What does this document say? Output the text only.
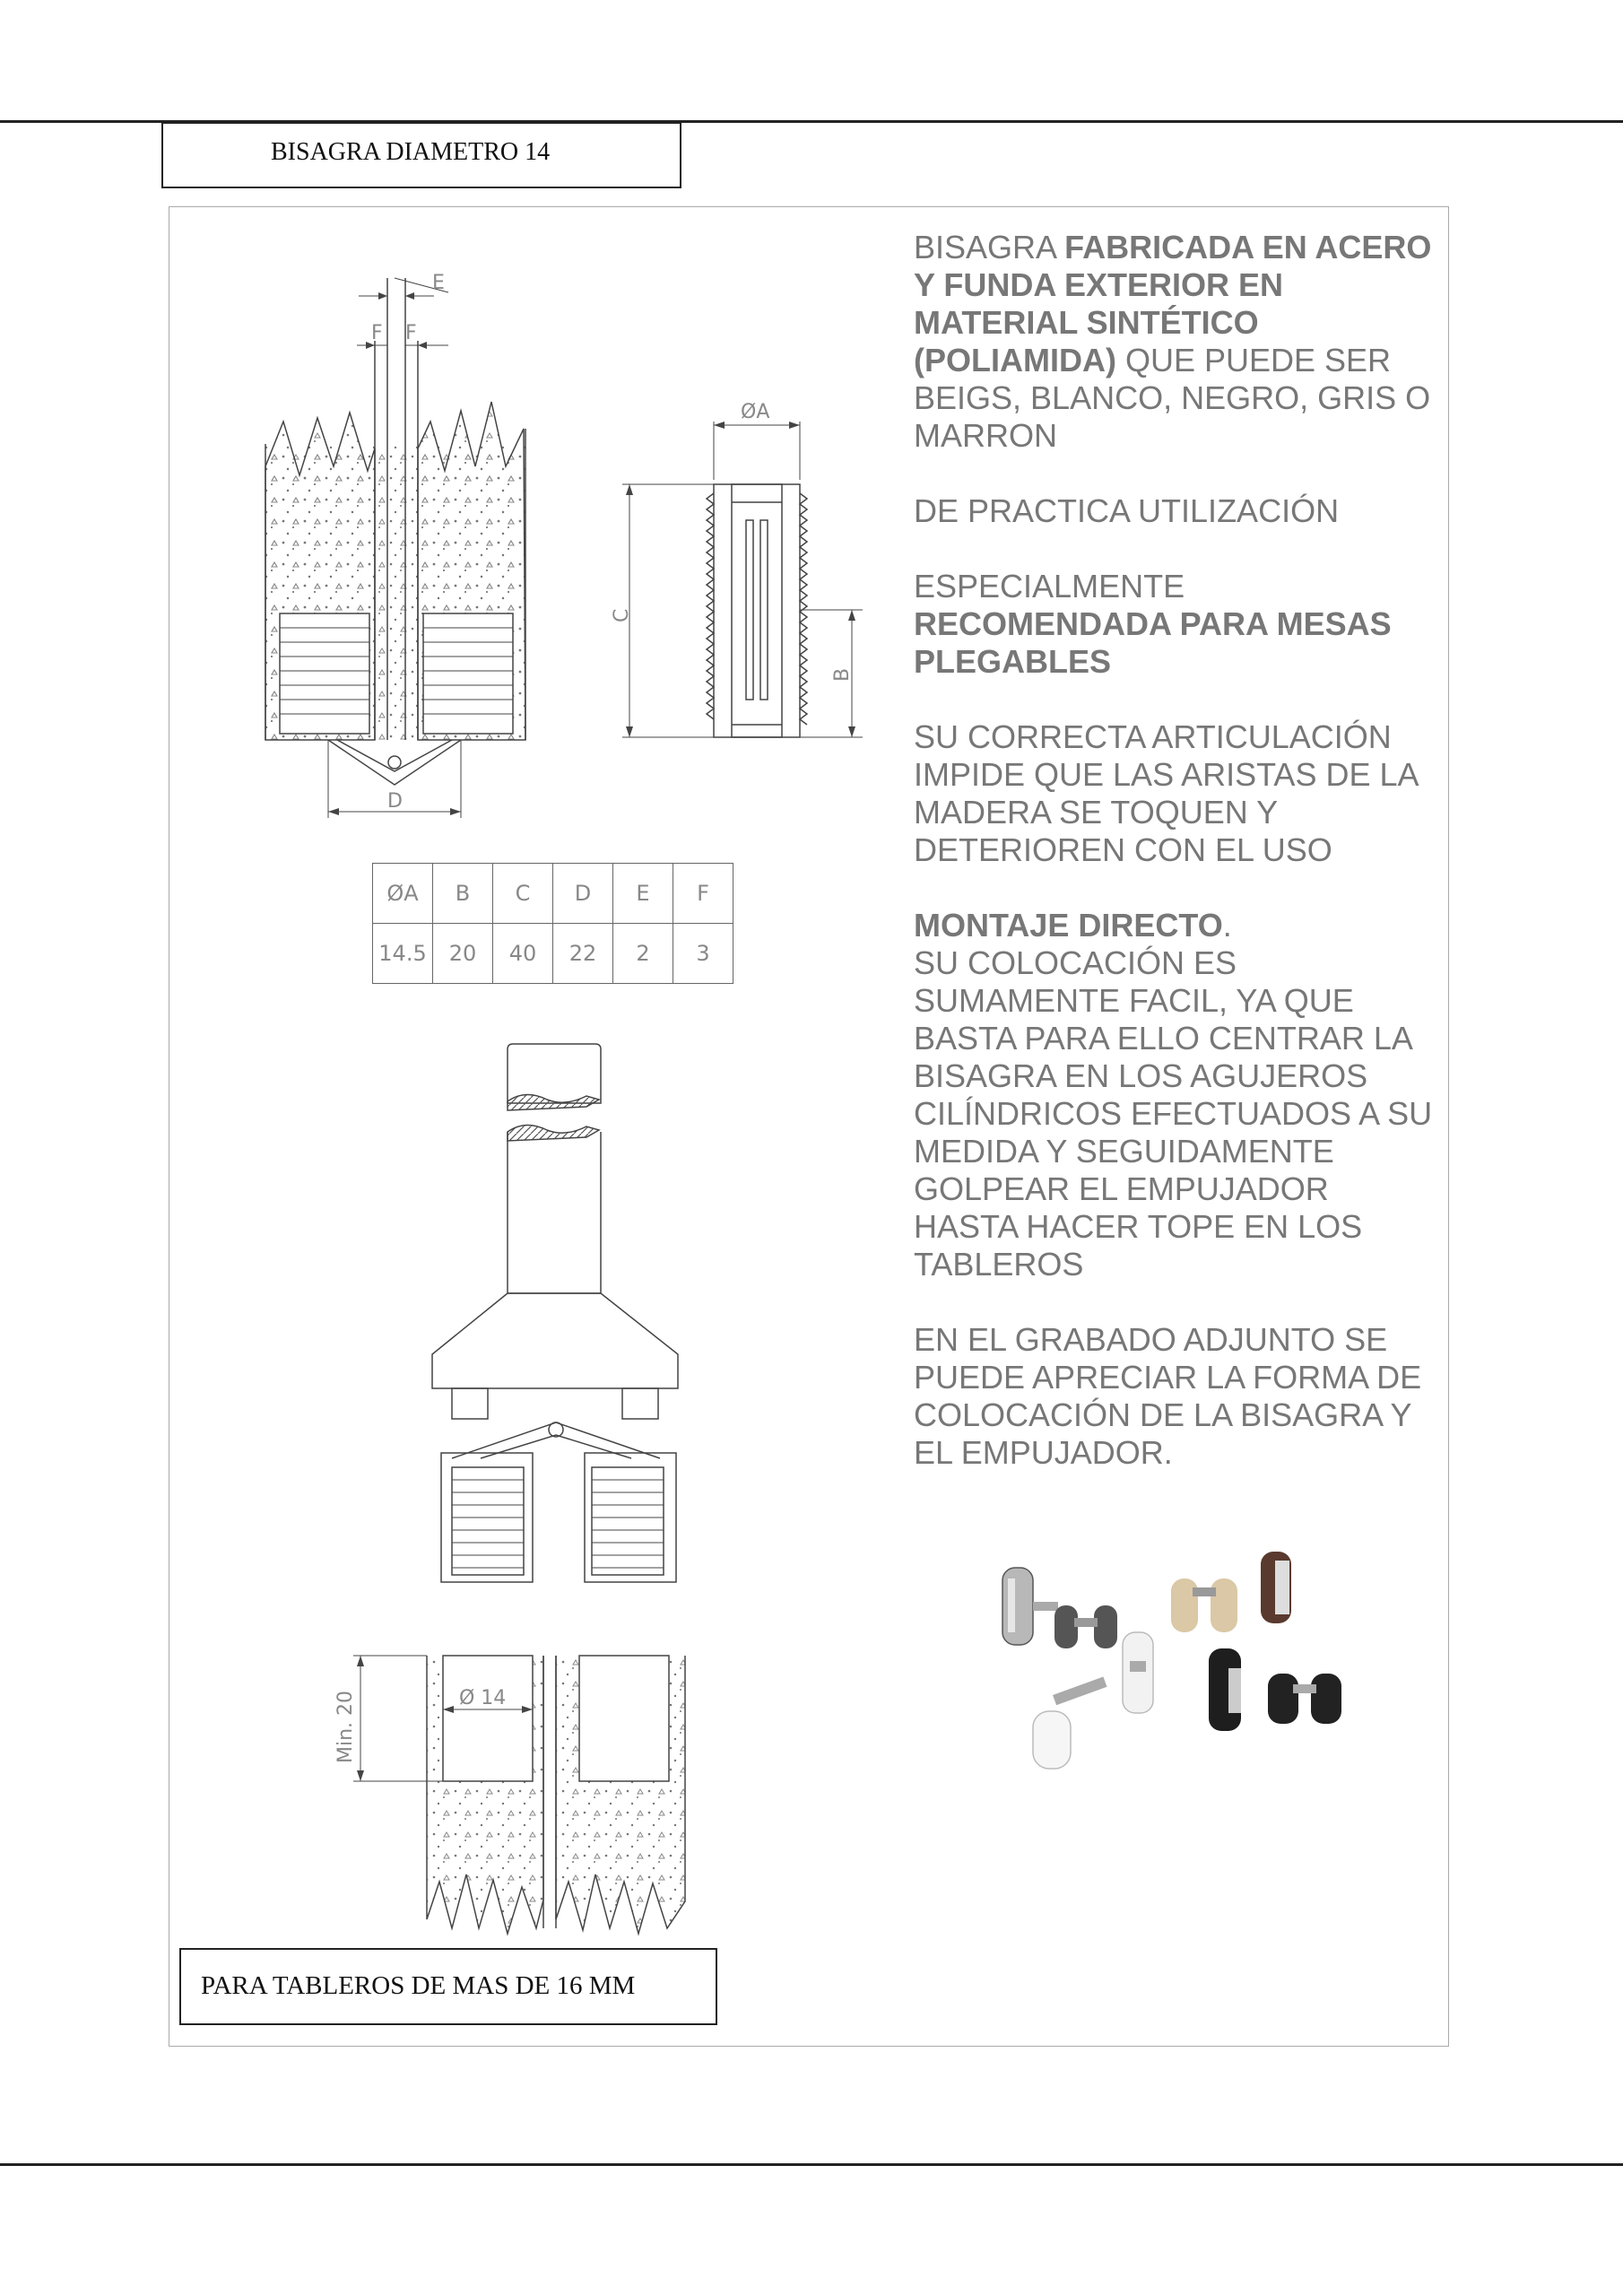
BISAGRA DIAMETRO 14
E
F F
D
ØA
C
B
Ø 14
Min. 20

BISAGRA FABRICADA EN ACERO Y FUNDA EXTERIOR EN MATERIAL SINTÉTICO (POLIAMIDA) QUE PUEDE SER BEIGS, BLANCO, NEGRO, GRIS O MARRON

DE PRACTICA UTILIZACIÓN

ESPECIALMENTE RECOMENDADA PARA MESAS PLEGABLES

SU CORRECTA ARTICULACIÓN IMPIDE QUE LAS ARISTAS DE LA MADERA SE TOQUEN Y DETERIOREN CON EL USO

MONTAJE DIRECTO.
SU COLOCACIÓN ES SUMAMENTE FACIL, YA QUE BASTA PARA ELLO CENTRAR LA BISAGRA EN LOS AGUJEROS CILÍNDRICOS EFECTUADOS A SU MEDIDA Y SEGUIDAMENTE GOLPEAR EL EMPUJADOR HASTA HACER TOPE EN LOS TABLEROS

EN EL GRABADO ADJUNTO SE PUEDE APRECIAR LA FORMA DE COLOCACIÓN DE LA BISAGRA Y EL EMPUJADOR.

ØA	B	C	D	E	F
14.5	20	40	22	2	3
PARA TABLEROS DE MAS DE 16 MM
